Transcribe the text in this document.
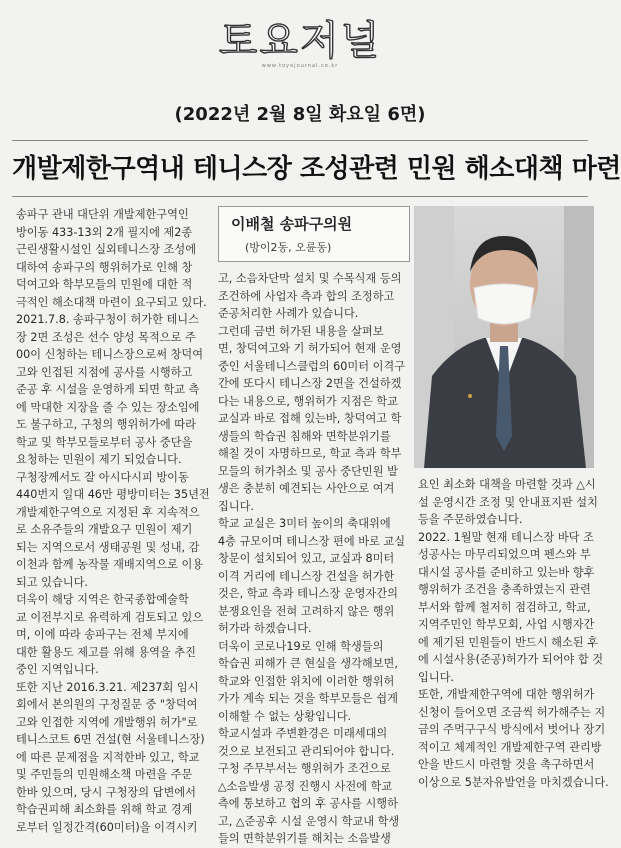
토요저널
www.toyojournal.co.kr
(2022년 2월 8일 화요일 6면)
개발제한구역내 테니스장 조성관련 민원 해소대책 마련

송파구 관내 대단위 개발제한구역인

방이동 433-13외 2개 필지에 제2종

근린생활시설인 실외테니스장 조성에

대하여 송파구의 행위허가로 인해 창

덕여고와 학부모들의 민원에 대한 적

극적인 해소대책 마련이 요구되고 있다.

2021.7.8. 송파구청이 허가한 테니스

장 2면 조성은 선수 양성 목적으로 주

00이 신청하는 테니스장으로써 창덕여

고와 인접된 지점에 공사를 시행하고

준공 후 시설을 운영하게 되면 학교 측

에 막대한 지장을 줄 수 있는 장소임에

도 불구하고, 구청의 행위허가에 따라

학교 및 학부모들로부터 공사 중단을

요청하는 민원이 제기 되었습니다.

구청장께서도 잘 아시다시피 방이동

440번지 일대 46만 평방미터는 35년전

개발제한구역으로 지정된 후 지속적으

로 소유주들의 개발요구 민원이 제기

되는 지역으로서 생태공원 및 성내, 감

이천과 함께 농작물 재배지역으로 이용

되고 있습니다.

더욱이 해당 지역은 한국종합예술학

교 이전부지로 유력하게 검토되고 있으

며, 이에 따라 송파구는 전체 부지에

대한 활용도 제고를 위해 용역을 추진

중인 지역입니다.

또한 지난 2016.3.21. 제237회 임시

회에서 본의원의 구정질문 중 "창덕여

고와 인접한 지역에 개발행위 허가"로

테니스코트 6면 건설(현 서울테니스장)

에 따른 문제점을 지적한바 있고, 학교

및 주민들의 민원해소책 마련을 주문

한바 있으며, 당시 구청장의 답변에서

학습권피해 최소화를 위해 학교 경계

로부터 일정간격(60미터)을 이격시키

이배철 송파구의원
(방이2동, 오륜동)

고, 소음차단막 설치 및 수목식재 등의

조건하에 사업자 측과 합의 조정하고

준공처리한 사례가 있습니다.

그런데 금번 허가된 내용을 살펴보

면, 창덕여고와 기 허가되어 현재 운영

중인 서울테니스클럽의 60미터 이격구

간에 또다시 테니스장 2면을 건설하겠

다는 내용으로, 행위허가 지점은 학교

교실과 바로 접해 있는바, 창덕여고 학

생들의 학습권 침해와 면학분위기를

해칠 것이 자명하므로, 학교 측과 학부

모들의 허가취소 및 공사 중단민원 발

생은 충분히 예견되는 사안으로 여겨

집니다.

학교 교실은 3미터 높이의 축대위에

4층 규모이며 테니스장 편에 바로 교실

창문이 설치되어 있고, 교실과 8미터

이격 거리에 테니스장 건설을 허가한

것은, 학교 측과 테니스장 운영자간의

분쟁요인을 전혀 고려하지 않은 행위

허가라 하겠습니다.

더욱이 코로나19로 인해 학생들의

학습권 피해가 큰 현실을 생각해보면,

학교와 인접한 위치에 이러한 행위허

가가 계속 되는 것을 학부모들은 쉽게

이해할 수 없는 상황입니다.

학교시설과 주변환경은 미래세대의

것으로 보전되고 관리되어야 합니다.

구청 주무부서는 행위허가 조건으로

△소음발생 공정 진행시 사전에 학교

측에 통보하고 협의 후 공사를 시행하

고, △준공후 시설 운영시 학교내 학생

들의 면학분위기를 해치는 소음발생

요인 최소화 대책을 마련할 것과 △시

설 운영시간 조정 및 안내표지판 설치

등을 주문하였습니다.

2022. 1월말 현재 테니스장 바닥 조

성공사는 마무리되었으며 펜스와 부

대시설 공사를 준비하고 있는바 향후

행위허가 조건을 충족하였는지 관련

부서와 함께 철저히 점검하고, 학교,

지역주민인 학부모회, 사업 시행자간

에 제기된 민원들이 반드시 해소된 후

에 시설사용(준공)허가가 되어야 합 것

입니다.

또한, 개발제한구역에 대한 행위허가

신청이 들어오면 조금씩 허가해주는 지

금의 주먹구구식 방식에서 벗어나 장기

적이고 체계적인 개발제한구역 관리방

안을 반드시 마련할 것을 촉구하면서

이상으로 5분자유발언을 마치겠습니다.
